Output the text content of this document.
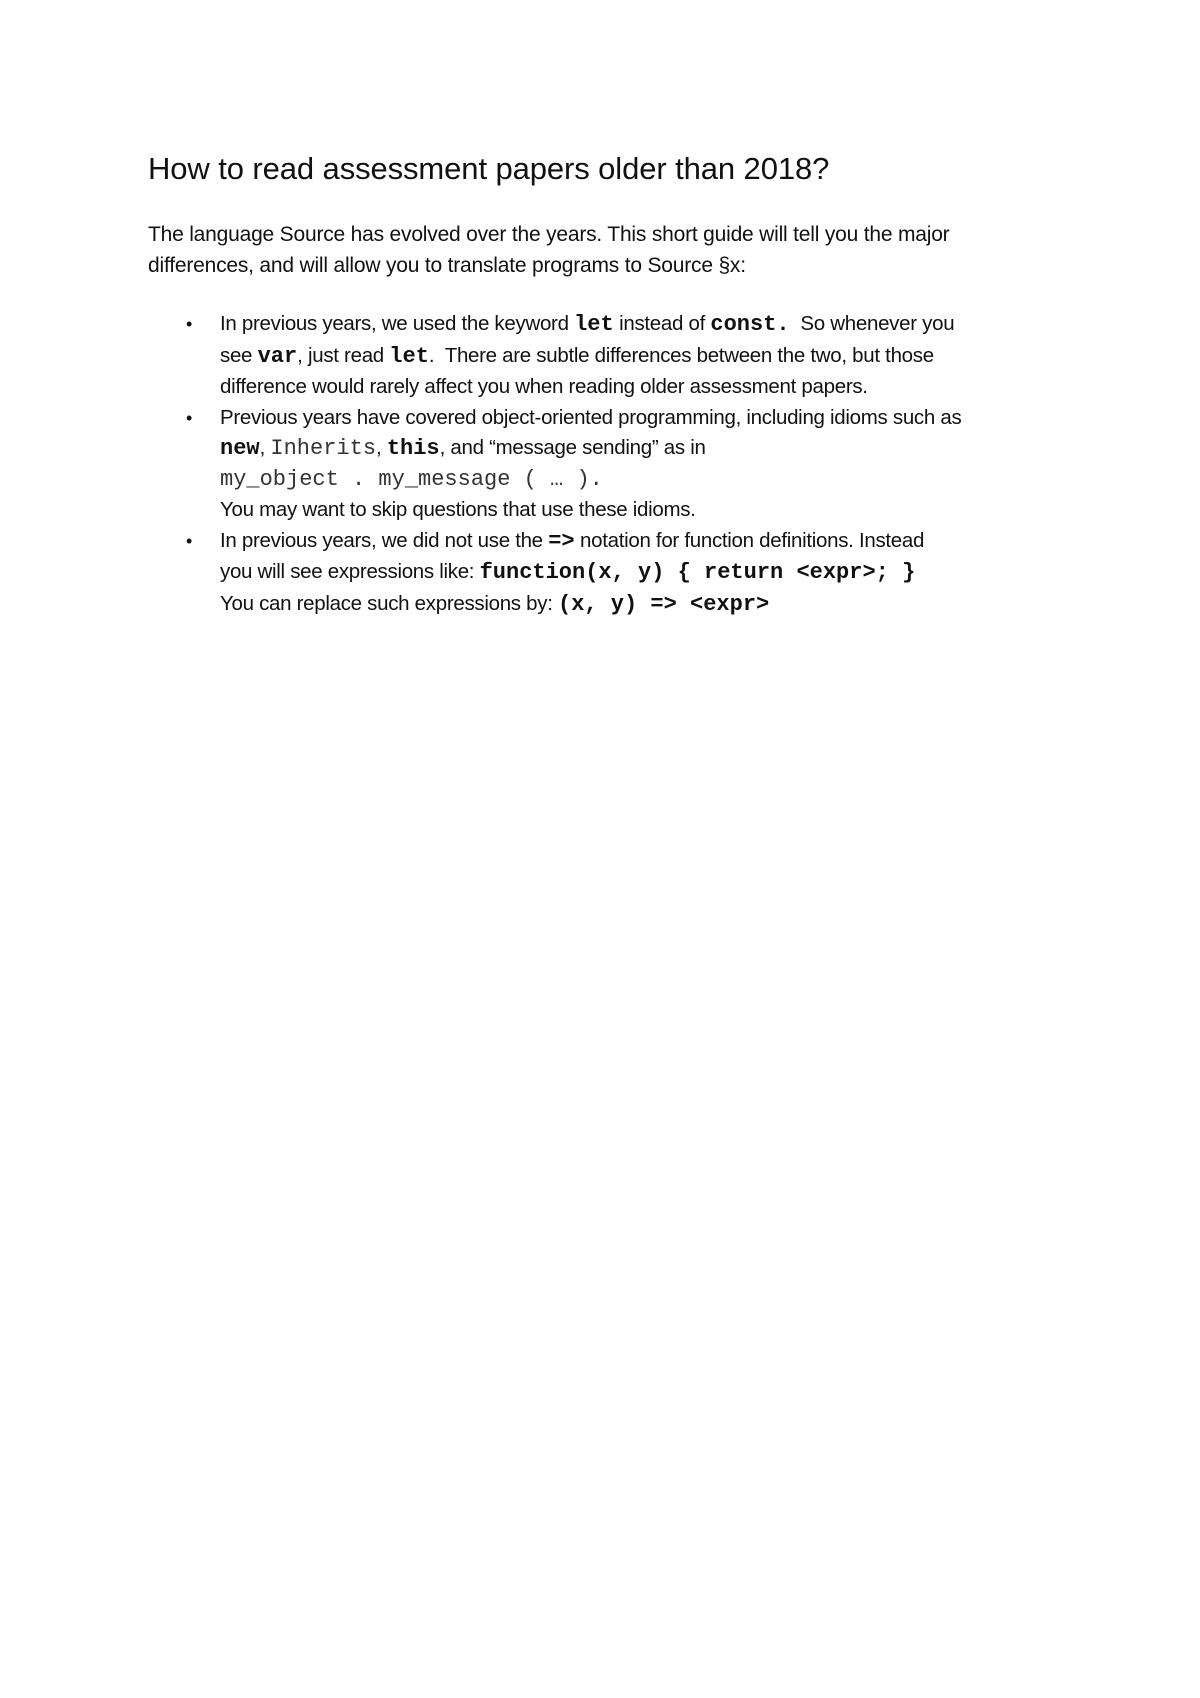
How to read assessment papers older than 2018?

The language Source has evolved over the years. This short guide will tell you the major
differences, and will allow you to translate programs to Source §x:

• In previous years, we used the keyword let instead of const.  So whenever you
see var, just read let.  There are subtle differences between the two, but those
difference would rarely affect you when reading older assessment papers.
• Previous years have covered object-oriented programming, including idioms such as
new, Inherits, this, and “message sending” as in
my_object . my_message ( … ).
You may want to skip questions that use these idioms.
• In previous years, we did not use the => notation for function definitions. Instead
you will see expressions like: function(x, y) { return <expr>; }
You can replace such expressions by: (x, y) => <expr>
